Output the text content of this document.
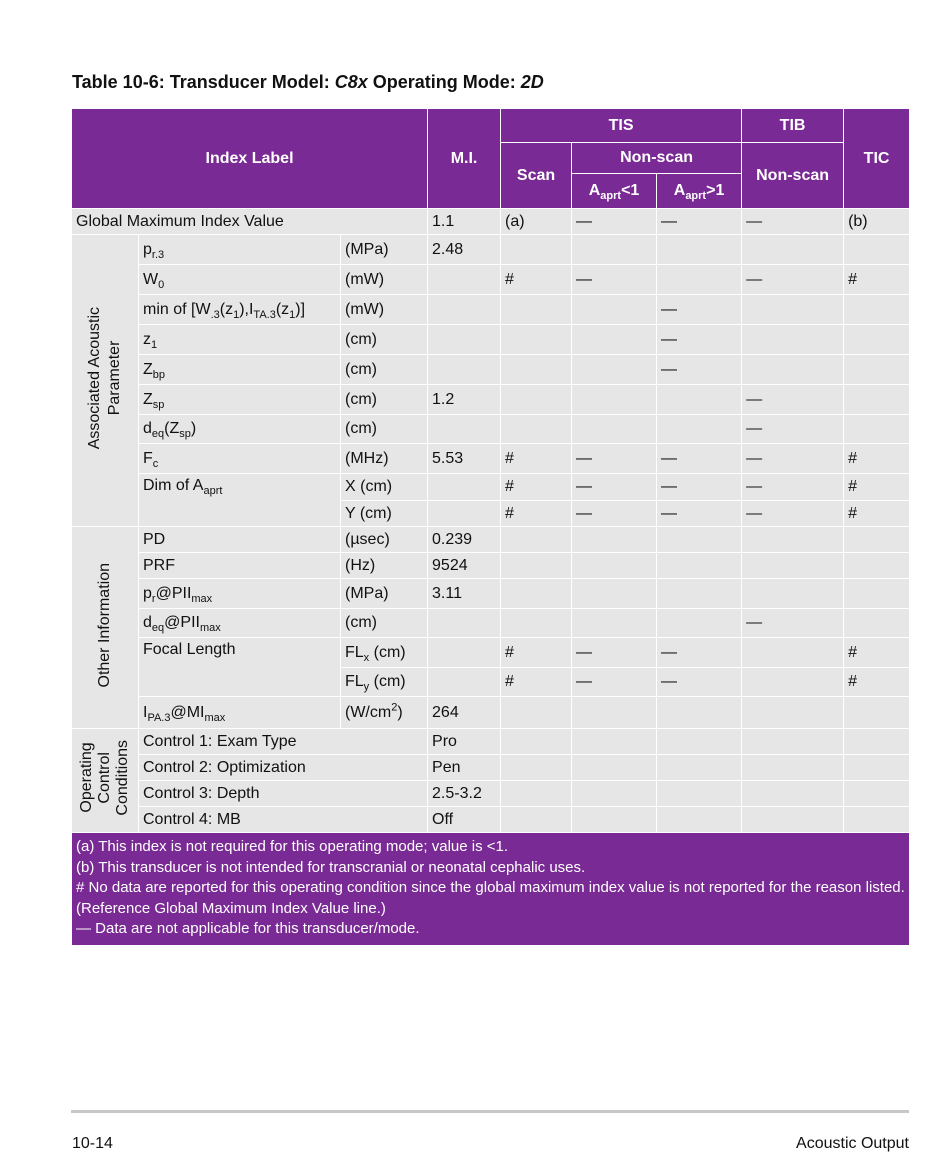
Table 10-6: Transducer Model: C8x Operating Mode: 2D
Index Label			M.I.	TIS			TIB	TIC
				Scan	Non-scan		Non-scan	
					$A_{aprt}<1$	$A_{aprt}>1$		
Global Maximum Index Value			1.1	(a)	—	—	—	(b)
Associated Acoustic Parameter	$p_{r.3}$	(MPa)	2.48					
	$W_0$	(mW)		#	—		—	#
	min of $[W_{.3}(z_1),I_{TA.3}(z_1)]$	(mW)				—		
	$z_1$	(cm)				—		
	$Z_{bp}$	(cm)				—		
	$Z_{sp}$	(cm)	1.2				—	
	$d_{eq}(Z_{sp})$	(cm)					—	
	$F_c$	(MHz)	5.53	#	—	—	—	#
	Dim of $A_{aprt}$	X (cm)		#	—	—	—	#
		Y (cm)		#	—	—	—	#
Other Information	PD	(µsec)	0.239					
	PRF	(Hz)	9524					
	$p_r@PII_{max}$	(MPa)	3.11					
	$d_{eq}@PII_{max}$	(cm)					—	
	Focal Length	$FL_x$ (cm)		#	—	—		#
		$FL_y$ (cm)		#	—	—		#
	$I_{PA.3}@MI_{max}$	$(W/cm^2)$	264					
Operating
Control
Conditions	Control 1: Exam Type		Pro					
	Control 2: Optimization		Pen					
	Control 3: Depth		2.5-3.2					
	Control 4: MB		Off					

(a) This index is not required for this operating mode; value is <1.
(b) This transducer is not intended for transcranial or neonatal cephalic uses.
# No data are reported for this operating condition since the global maximum index value is not reported for the reason listed. (Reference Global Maximum Index Value line.)
— Data are not applicable for this transducer/mode.								
10-14	Acoustic Output
